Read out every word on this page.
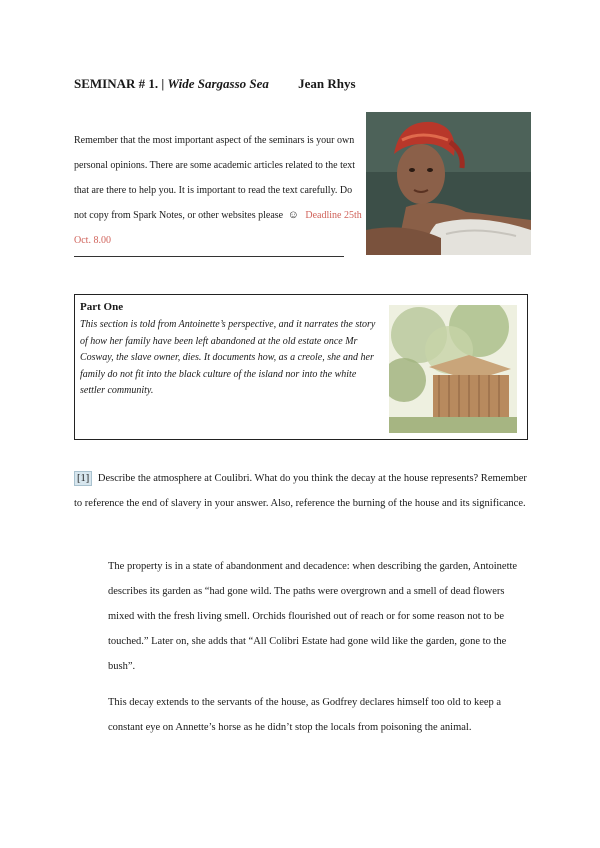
SEMINAR # 1. | Wide Sargasso Sea Jean Rhys
Remember that the most important aspect of the seminars is your own personal opinions. There are some academic articles related to the text that are there to help you. It is important to read the text carefully. Do not copy from Spark Notes, or other websites please ☺ Deadline 25th Oct. 8.00
Part One
This section is told from Antoinette’s perspective, and it narrates the story of how her family have been left abandoned at the old estate once Mr Cosway, the slave owner, dies. It documents how, as a creole, she and her family do not fit into the black culture of the island nor into the white settler community.
[1] Describe the atmosphere at Coulibri. What do you think the decay at the house represents? Remember to reference the end of slavery in your answer. Also, reference the burning of the house and its significance.
The property is in a state of abandonment and decadence: when describing the garden, Antoinette describes its garden as “had gone wild. The paths were overgrown and a smell of dead flowers mixed with the fresh living smell. Orchids flourished out of reach or for some reason not to be touched.” Later on, she adds that “All Colibri Estate had gone wild like the garden, gone to the bush”.
This decay extends to the servants of the house, as Godfrey declares himself too old to keep a constant eye on Annette’s horse as he didn’t stop the locals from poisoning the animal.
